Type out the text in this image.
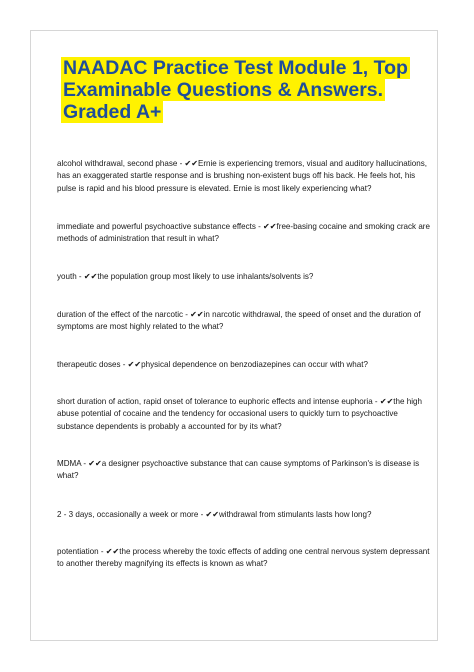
NAADAC Practice Test Module 1, Top Examinable Questions & Answers. Graded A+

alcohol withdrawal, second phase - ✔✔Ernie is experiencing tremors, visual and auditory hallucinations, has an exaggerated startle response and is brushing non-existent bugs off his back. He feels hot, his pulse is rapid and his blood pressure is elevated. Ernie is most likely experiencing what?

immediate and powerful psychoactive substance effects - ✔✔free-basing cocaine and smoking crack are methods of administration that result in what?

youth - ✔✔the population group most likely to use inhalants/solvents is?

duration of the effect of the narcotic - ✔✔in narcotic withdrawal, the speed of onset and the duration of symptoms are most highly related to the what?

therapeutic doses - ✔✔physical dependence on benzodiazepines can occur with what?

short duration of action, rapid onset of tolerance to euphoric effects and intense euphoria - ✔✔the high abuse potential of cocaine and the tendency for occasional users to quickly turn to psychoactive substance dependents is probably a accounted for by its what?

MDMA - ✔✔a designer psychoactive substance that can cause symptoms of Parkinson's is disease is what?

2 - 3 days, occasionally a week or more - ✔✔withdrawal from stimulants lasts how long?

potentiation - ✔✔the process whereby the toxic effects of adding one central nervous system depressant to another thereby magnifying its effects is known as what?
